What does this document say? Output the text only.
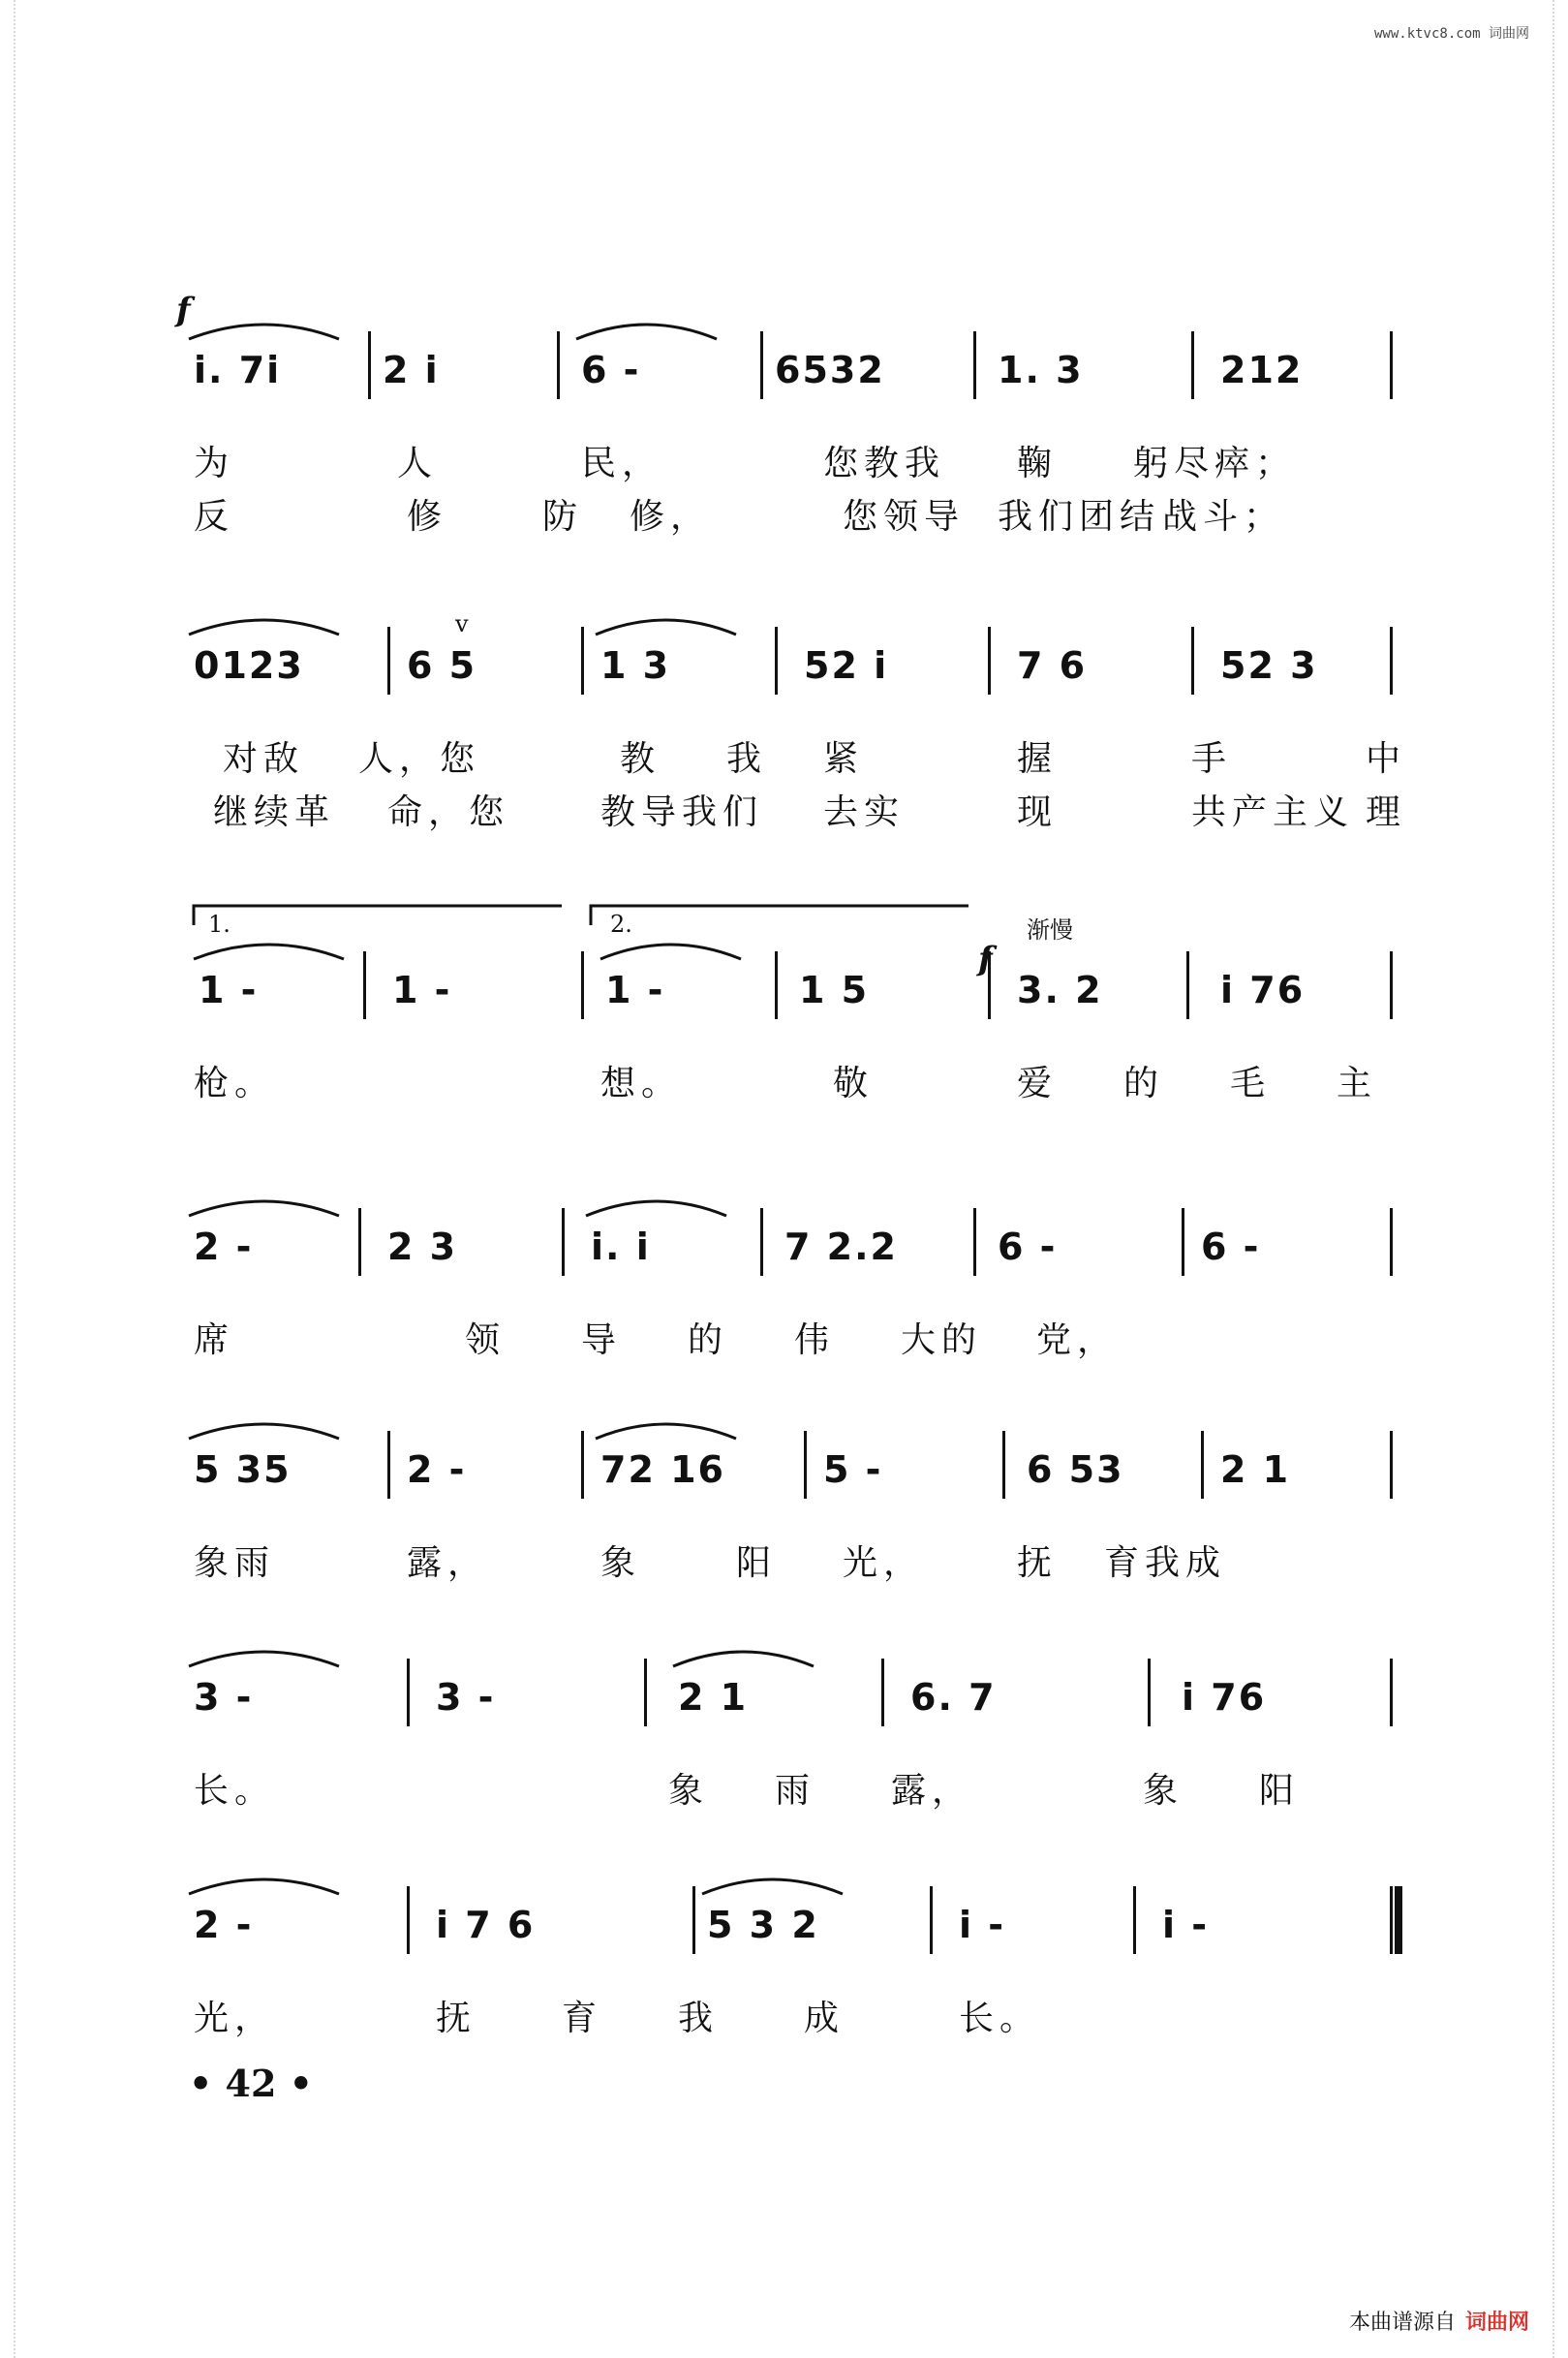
www.ktvc8.com 词曲网
i. 7i	2 i	6 -	6532	1. 3	212
为	人	民，	您教我 鞠 躬尽瘁；
反	修	防 修，	您领导 我们团结 战斗；
0123	6 5	1 3	52 i	7 6	52 3
对敌 人，您	教 我 紧	握	手	中
继续革 命，您	教导我们 去实	现	共产主义 理
1 -	1 -	1 -	1 5	3. 2	i 76
枪。	想。	敬	爱 的 毛 主
2 -	2 3	i. i	7 2.2	6 -	6 -
席	领 导 的 伟 大的 党，
5 35	2 -	72 16	5 -	6 53	2 1
象雨	露，	象	阳 光，	抚 育我成
3 -	3 -	2 1	6. 7	i 76
长。	象 雨 露，	象 阳
2 -	i 7 6	5 3 2	i -	i -
光，	抚 育 我 成	长。
f
v
1.	2.	渐慢
f
• 42 •
本曲谱源自 词曲网
